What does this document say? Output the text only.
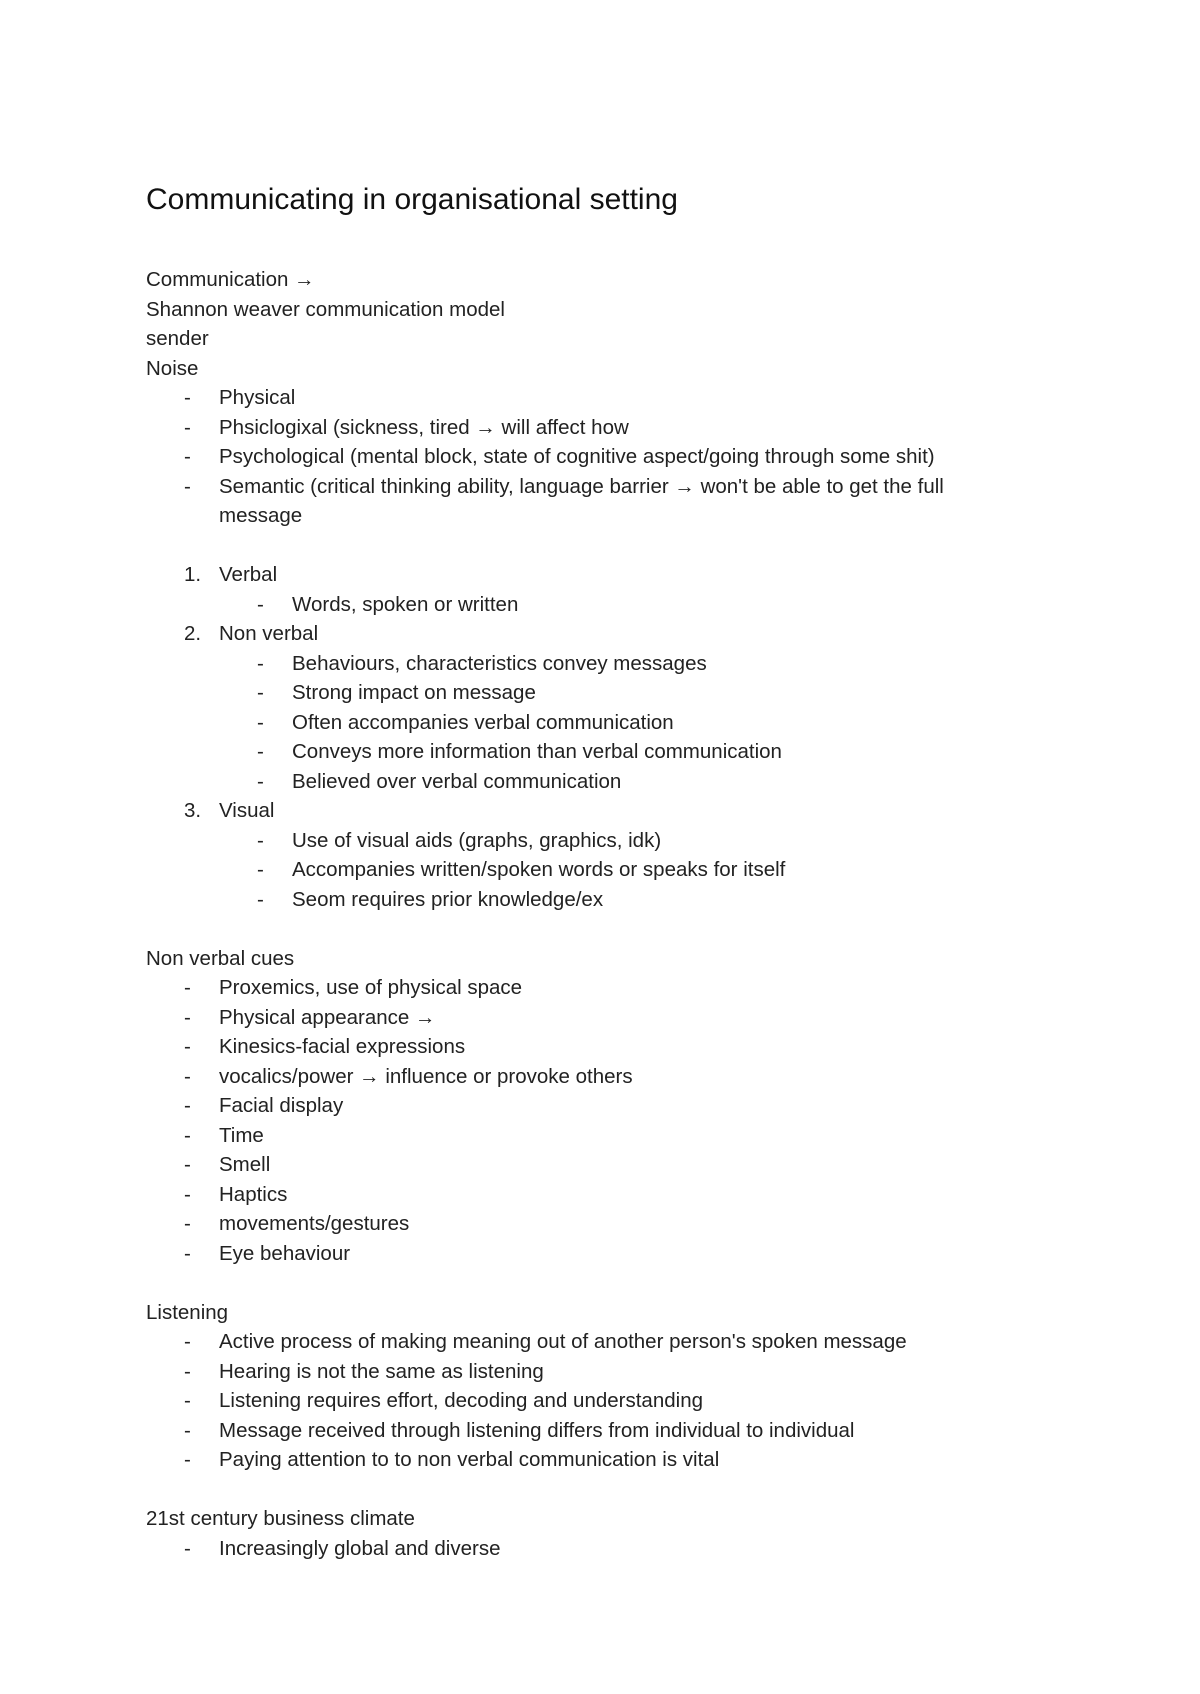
Communicating in organisational setting
Communication →
Shannon weaver communication model
sender
Noise
- Physical
- Phsiclogixal (sickness, tired → will affect how
- Psychological (mental block, state of cognitive aspect/going through some shit)
- Semantic (critical thinking ability, language barrier → won't be able to get the full
message
1. Verbal
- Words, spoken or written
2. Non verbal
- Behaviours, characteristics convey messages
- Strong impact on message
- Often accompanies verbal communication
- Conveys more information than verbal communication
- Believed over verbal communication
3. Visual
- Use of visual aids (graphs, graphics, idk)
- Accompanies written/spoken words or speaks for itself
- Seom requires prior knowledge/ex
Non verbal cues
- Proxemics, use of physical space
- Physical appearance →
- Kinesics-facial expressions
- vocalics/power → influence or provoke others
- Facial display
- Time
- Smell
- Haptics
- movements/gestures
- Eye behaviour
Listening
- Active process of making meaning out of another person's spoken message
- Hearing is not the same as listening
- Listening requires effort, decoding and understanding
- Message received through listening differs from individual to individual
- Paying attention to to non verbal communication is vital
21st century business climate
- Increasingly global and diverse
